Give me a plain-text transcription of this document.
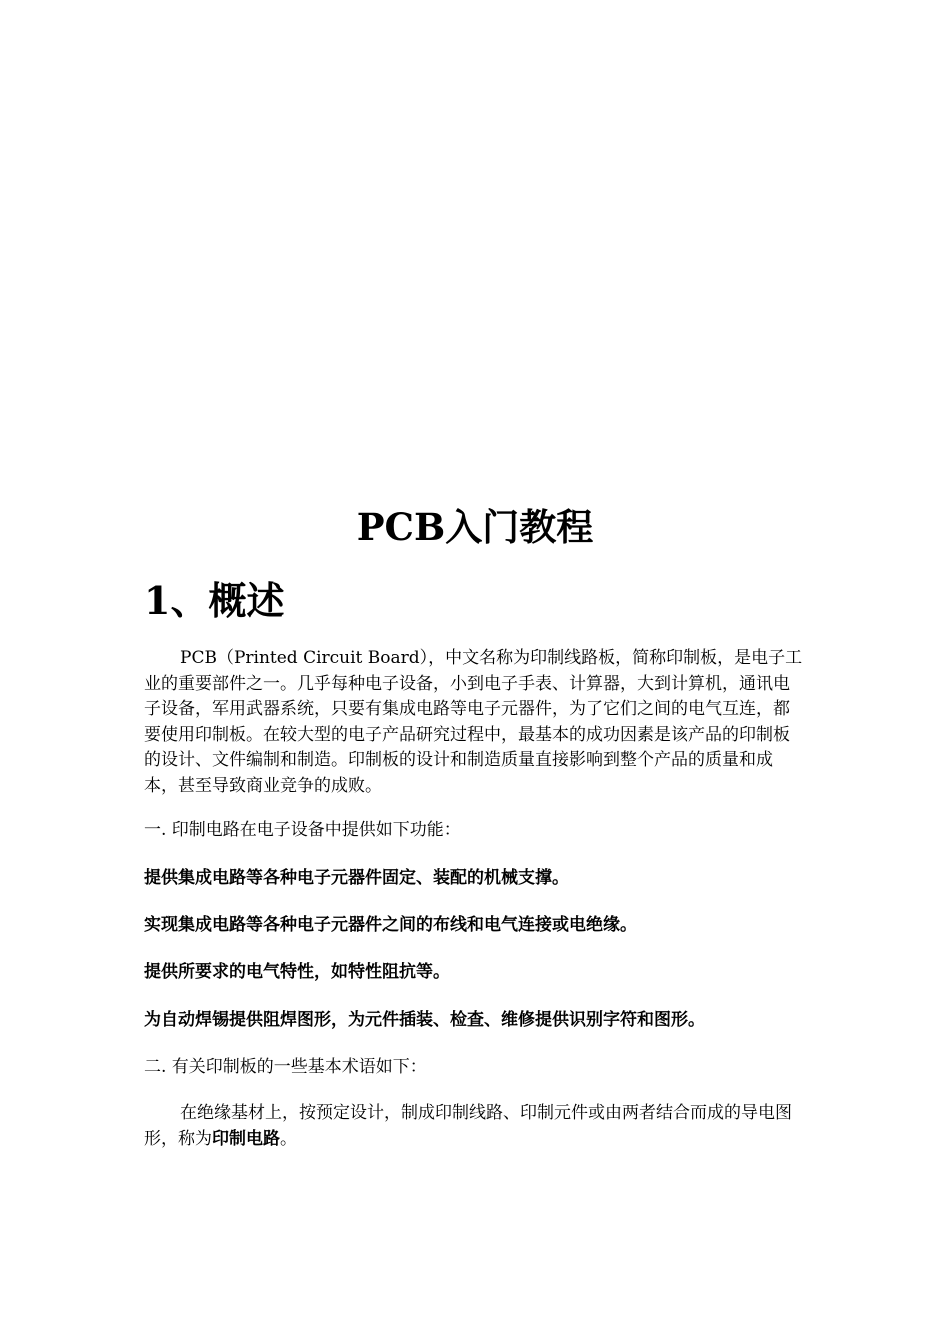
PCB入门教程
1、概述

PCB（Printed Circuit Board），中文名称为印制线路板，简称印制板，是电子工业的重要部件之一。几乎每种电子设备，小到电子手表、计算器，大到计算机，通讯电子设备，军用武器系统，只要有集成电路等电子元器件，为了它们之间的电气互连，都要使用印制板。在较大型的电子产品研究过程中，最基本的成功因素是该产品的印制板的设计、文件编制和制造。印制板的设计和制造质量直接影响到整个产品的质量和成本，甚至导致商业竞争的成败。

一. 印制电路在电子设备中提供如下功能：

提供集成电路等各种电子元器件固定、装配的机械支撑。

实现集成电路等各种电子元器件之间的布线和电气连接或电绝缘。

提供所要求的电气特性，如特性阻抗等。

为自动焊锡提供阻焊图形，为元件插装、检查、维修提供识别字符和图形。

二. 有关印制板的一些基本术语如下：

在绝缘基材上，按预定设计，制成印制线路、印制元件或由两者结合而成的导电图形，称为印制电路。
